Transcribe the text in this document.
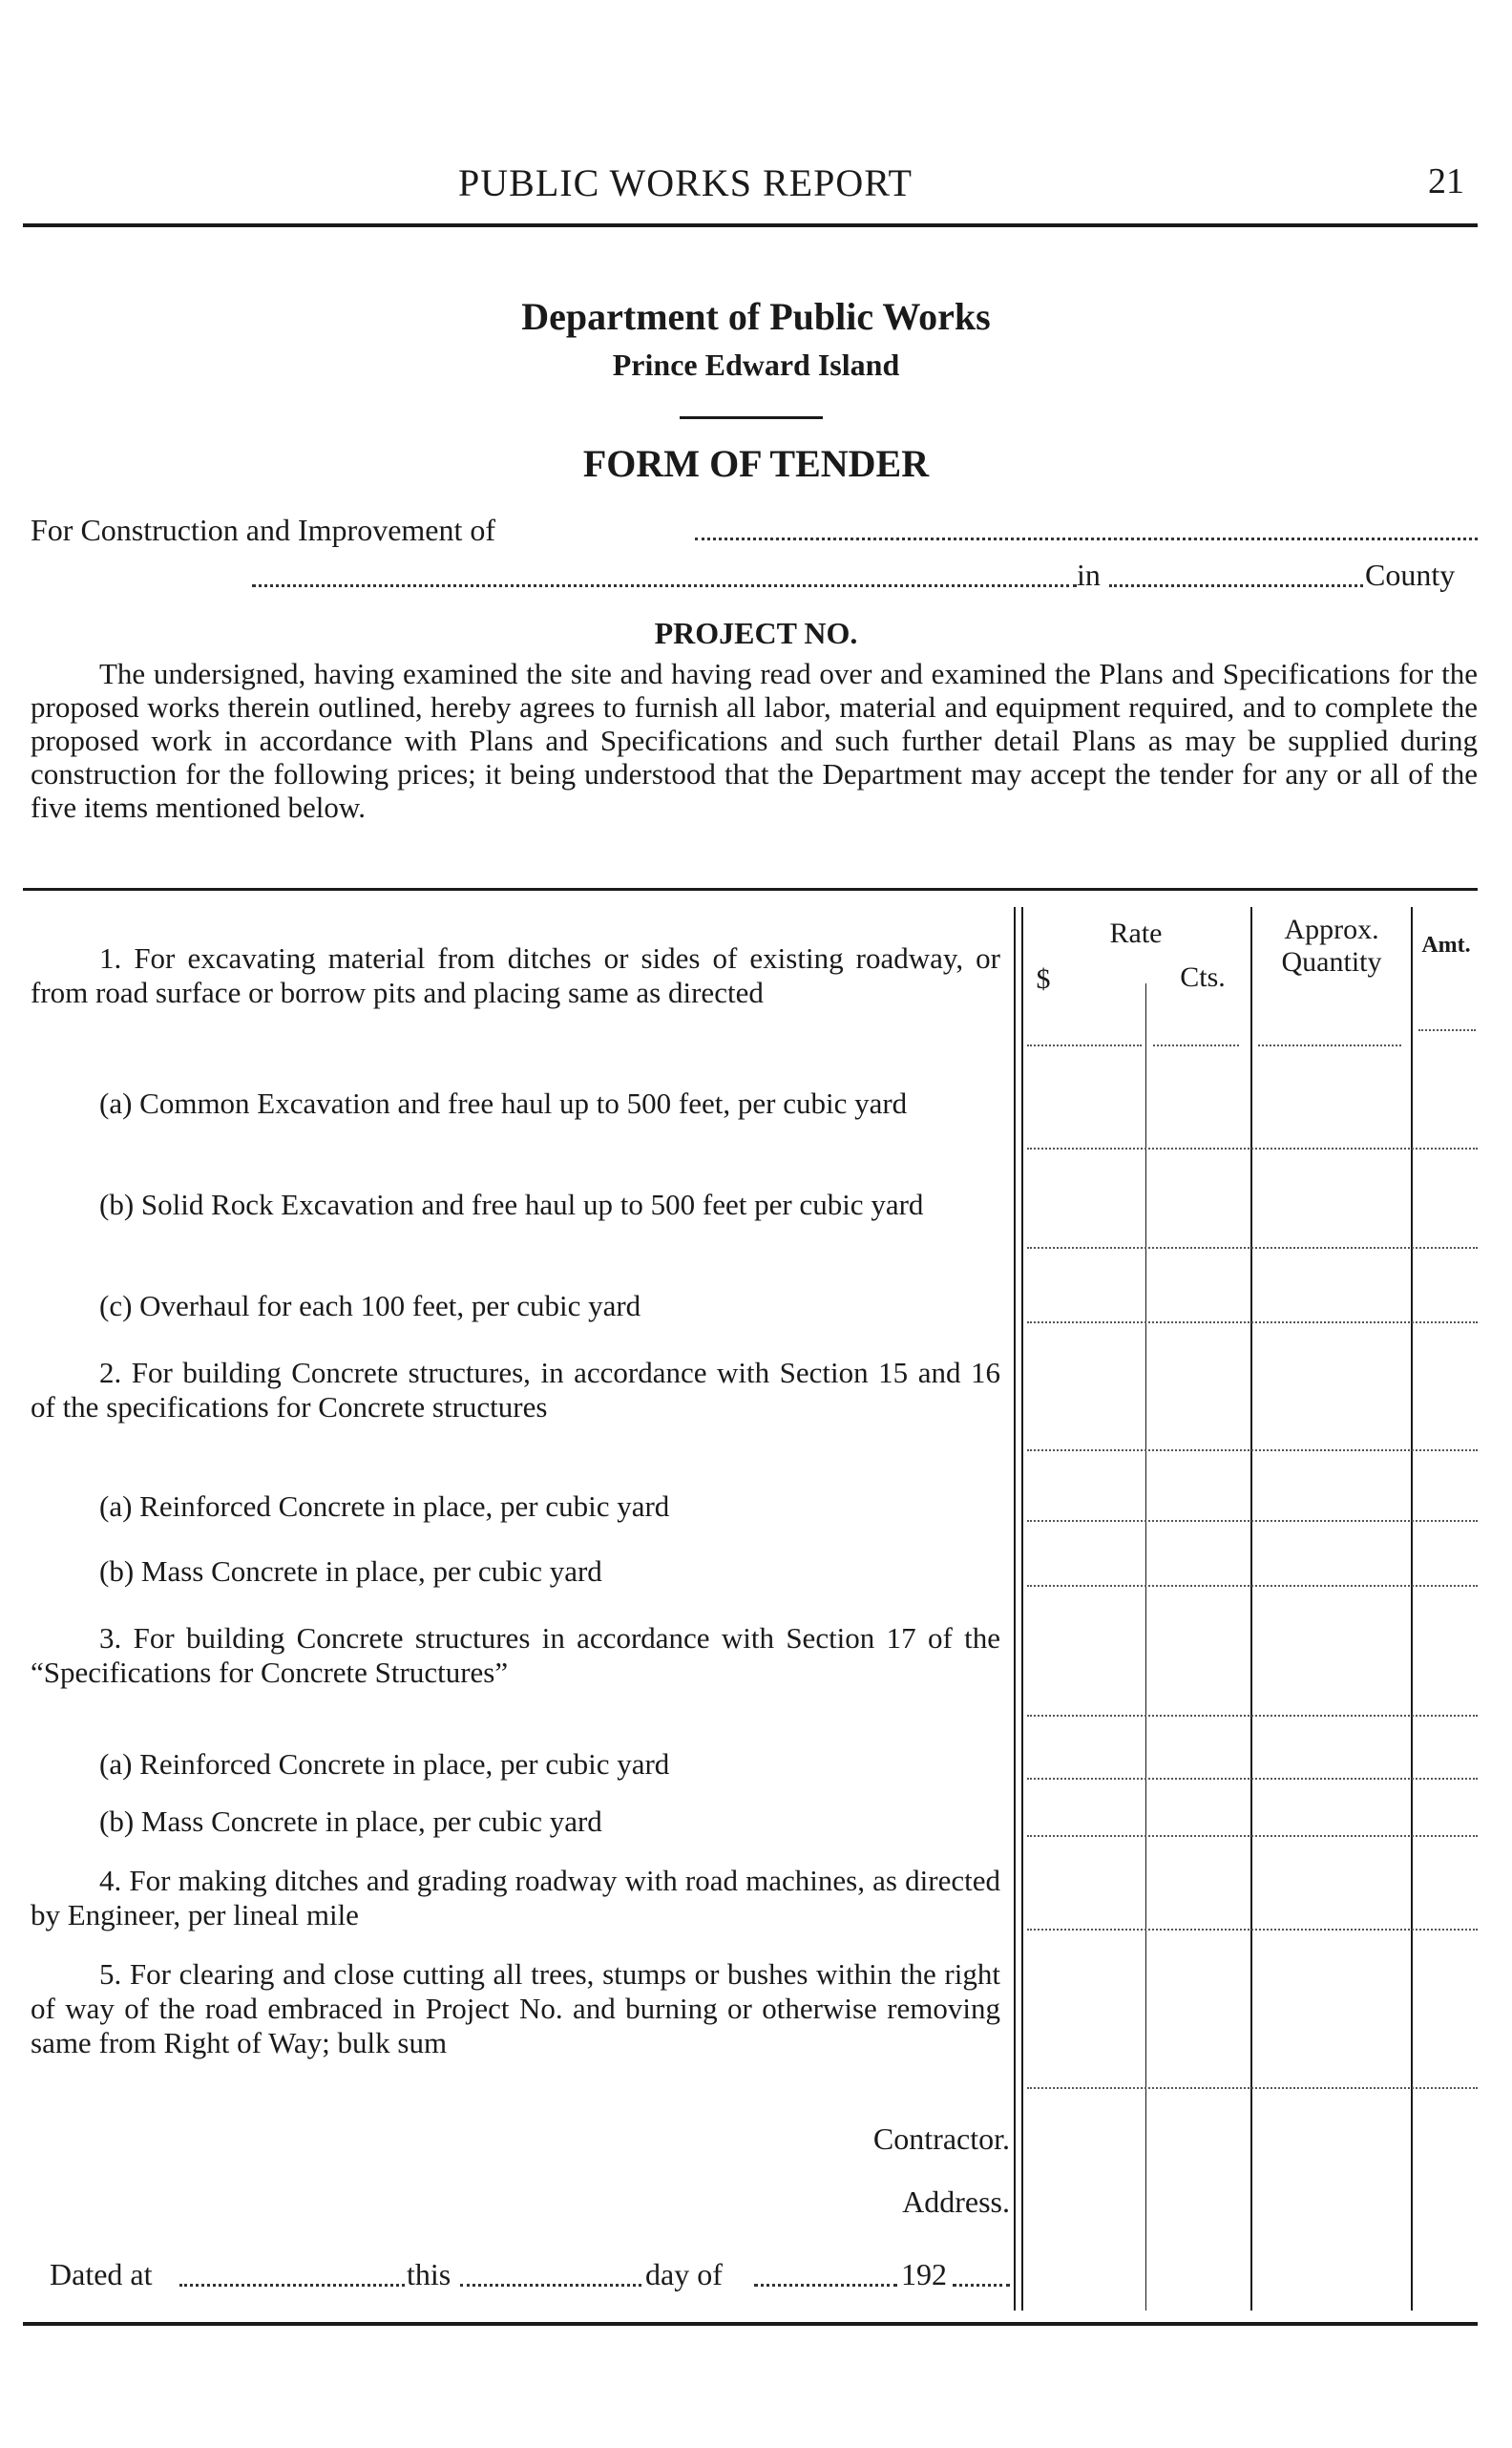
PUBLIC WORKS REPORT	21
Department of Public Works
Prince Edward Island
FORM OF TENDER
For Construction and Improvement of
in	County
PROJECT NO.
The undersigned, having examined the site and having read over and examined the Plans and Specifications for the proposed works therein outlined, hereby agrees to furnish all labor, material and equipment required, and to complete the proposed work in accordance with Plans and Specifications and such further detail Plans as may be supplied during construction for the following prices; it being understood that the Department may accept the tender for any or all of the five items mentioned below.
Rate
$	Cts.
Approx.
Quantity
Amt.
1. For excavating material from ditches or sides of existing roadway, or from road surface or borrow pits and placing same as directed
(a) Common Excavation and free haul up to 500 feet, per cubic yard
(b) Solid Rock Excavation and free haul up to 500 feet per cubic yard
(c) Overhaul for each 100 feet, per cubic yard
2. For building Concrete structures, in accordance with Section 15 and 16 of the specifications for Concrete structures
(a) Reinforced Concrete in place, per cubic yard
(b) Mass Concrete in place, per cubic yard
3. For building Concrete structures in accordance with Section 17 of the “Specifications for Concrete Structures”
(a) Reinforced Concrete in place, per cubic yard
(b) Mass Concrete in place, per cubic yard
4. For making ditches and grading roadway with road machines, as directed by Engineer, per lineal mile
5. For clearing and close cutting all trees, stumps or bushes within the right of way of the road embraced in Project No. and burning or otherwise removing same from Right of Way; bulk sum
Contractor.
Address.
Dated at	this	day of	192
